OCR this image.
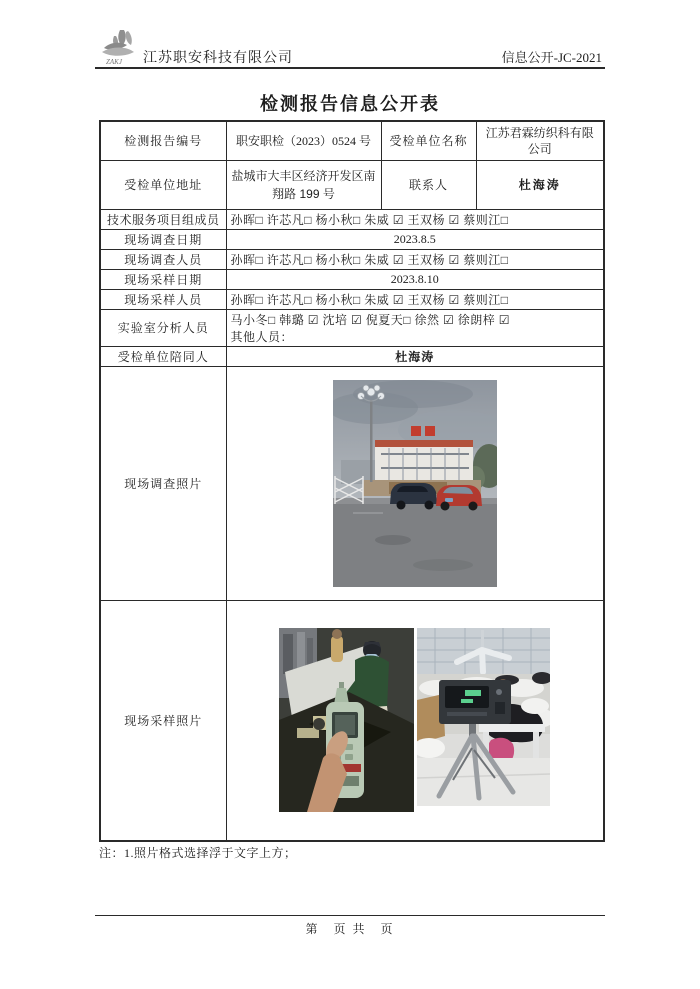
ZAKJ 江苏职安科技有限公司	信息公开-JC-2021
检测报告信息公开表
检测报告编号	职安职检（2023）0524 号	受检单位名称	江苏君霖纺织科有限公司
受检单位地址	盐城市大丰区经济开发区南翔路 199 号	联系人	杜海涛
技术服务项目组成员	孙晖□ 许芯凡□ 杨小秋□ 朱威 ☑ 王双杨 ☑ 蔡则江□		
现场调查日期	2023.8.5		
现场调查人员	孙晖□ 许芯凡□ 杨小秋□ 朱威 ☑ 王双杨 ☑ 蔡则江□		
现场采样日期	2023.8.10		
现场采样人员	孙晖□ 许芯凡□ 杨小秋□ 朱威 ☑ 王双杨 ☑ 蔡则江□		
实验室分析人员	马小冬□ 韩璐 ☑ 沈培 ☑ 倪夏天□ 徐然 ☑ 徐朗梓 ☑
其他人员：		

受检单位陪同人	杜海涛		
现场调查照片	

现场采样照片	
注：1.照片格式选择浮于文字上方；
第　页 共　页
